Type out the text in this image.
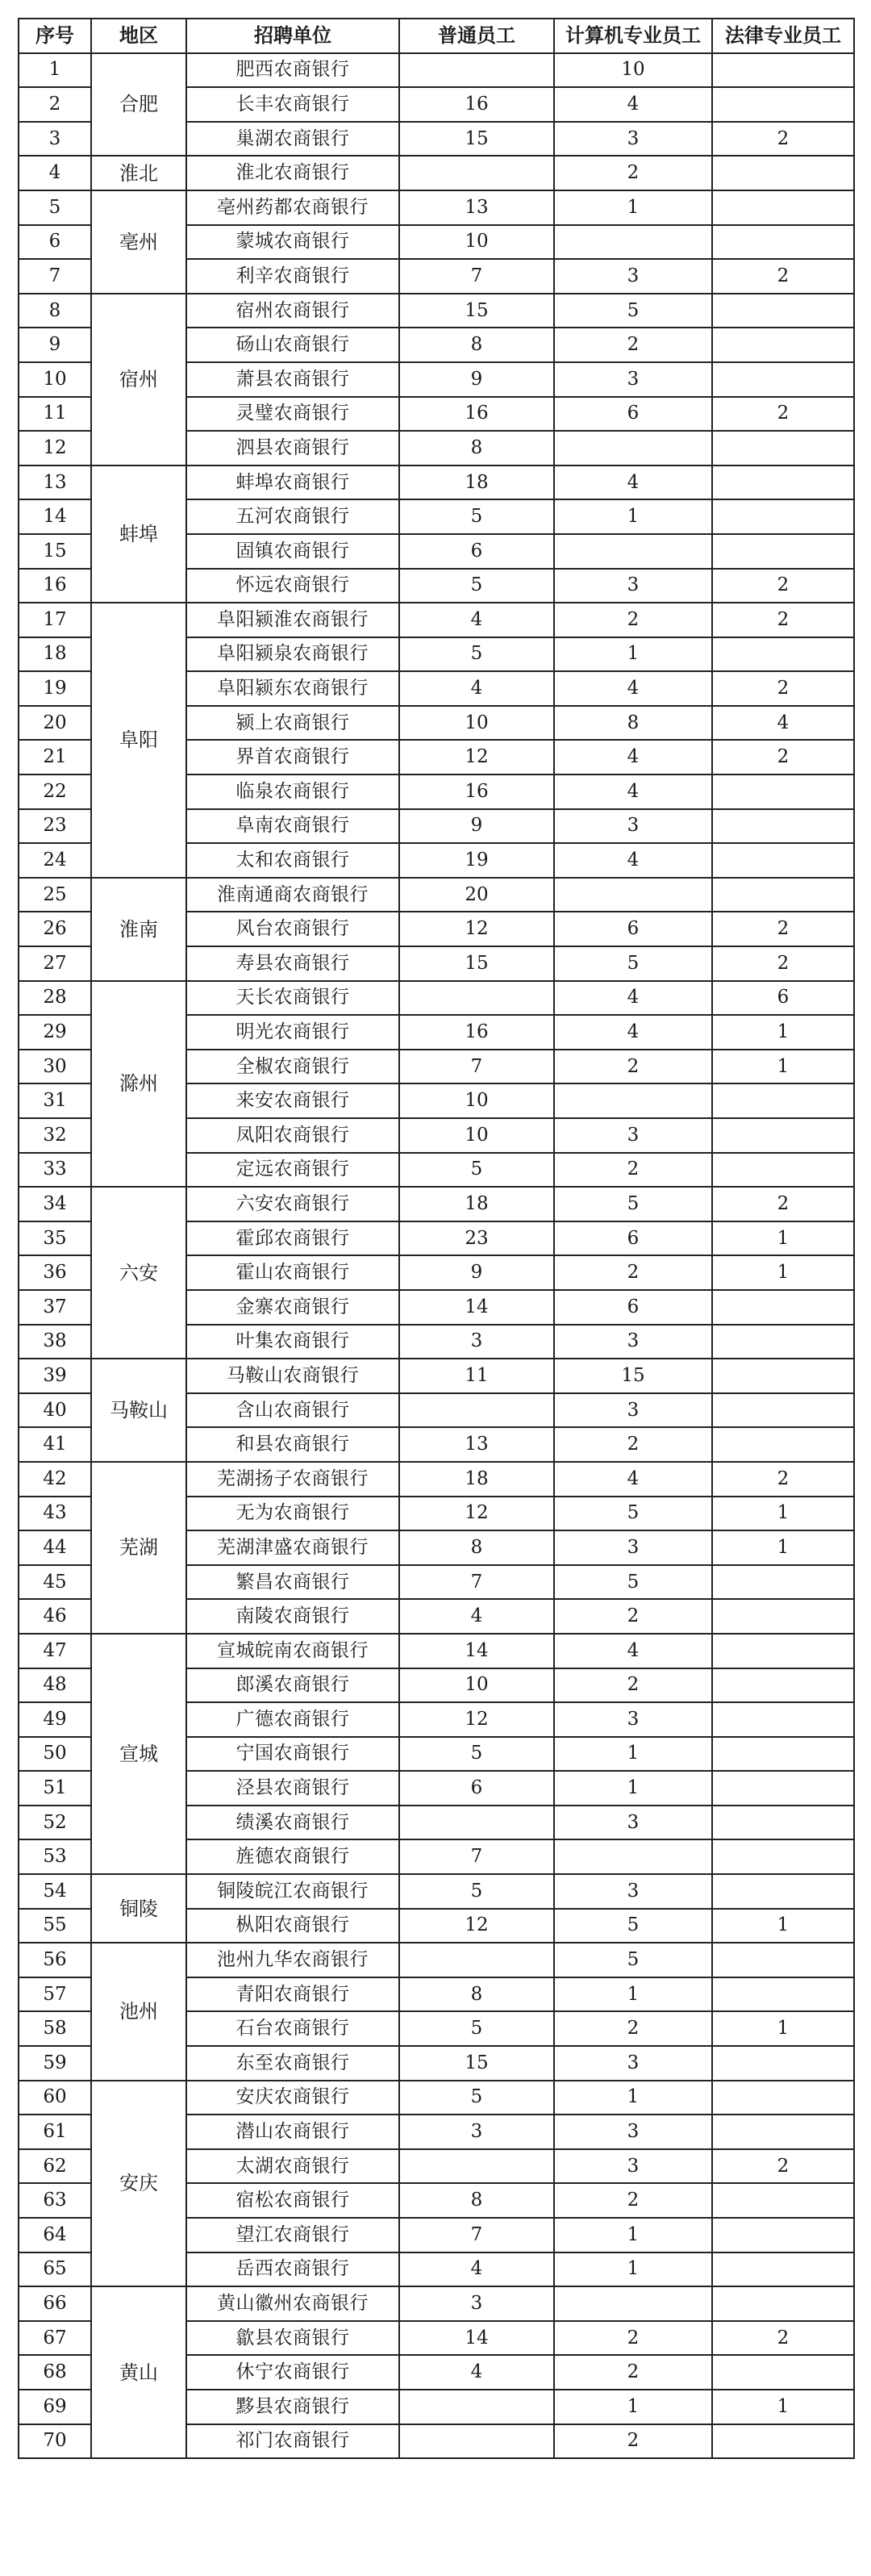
序号	地区	招聘单位	普通员工	计算机专业员工	法律专业员工
1	合肥	肥西农商银行		10	
2		长丰农商银行	16	4	
3		巢湖农商银行	15	3	2
4	淮北	淮北农商银行		2	
5	亳州	亳州药都农商银行	13	1	
6		蒙城农商银行	10		
7		利辛农商银行	7	3	2
8	宿州	宿州农商银行	15	5	
9		砀山农商银行	8	2	
10		萧县农商银行	9	3	
11		灵璧农商银行	16	6	2
12		泗县农商银行	8		
13	蚌埠	蚌埠农商银行	18	4	
14		五河农商银行	5	1	
15		固镇农商银行	6		
16		怀远农商银行	5	3	2
17	阜阳	阜阳颍淮农商银行	4	2	2
18		阜阳颍泉农商银行	5	1	
19		阜阳颍东农商银行	4	4	2
20		颍上农商银行	10	8	4
21		界首农商银行	12	4	2
22		临泉农商银行	16	4	
23		阜南农商银行	9	3	
24		太和农商银行	19	4	
25	淮南	淮南通商农商银行	20		
26		风台农商银行	12	6	2
27		寿县农商银行	15	5	2
28	滁州	天长农商银行		4	6
29		明光农商银行	16	4	1
30		全椒农商银行	7	2	1
31		来安农商银行	10		
32		凤阳农商银行	10	3	
33		定远农商银行	5	2	
34	六安	六安农商银行	18	5	2
35		霍邱农商银行	23	6	1
36		霍山农商银行	9	2	1
37		金寨农商银行	14	6	
38		叶集农商银行	3	3	
39	马鞍山	马鞍山农商银行	11	15	
40		含山农商银行		3	
41		和县农商银行	13	2	
42	芜湖	芜湖扬子农商银行	18	4	2
43		无为农商银行	12	5	1
44		芜湖津盛农商银行	8	3	1
45		繁昌农商银行	7	5	
46		南陵农商银行	4	2	
47	宣城	宣城皖南农商银行	14	4	
48		郎溪农商银行	10	2	
49		广德农商银行	12	3	
50		宁国农商银行	5	1	
51		泾县农商银行	6	1	
52		绩溪农商银行		3	
53		旌德农商银行	7		
54	铜陵	铜陵皖江农商银行	5	3	
55		枞阳农商银行	12	5	1
56	池州	池州九华农商银行		5	
57		青阳农商银行	8	1	
58		石台农商银行	5	2	1
59		东至农商银行	15	3	
60	安庆	安庆农商银行	5	1	
61		潜山农商银行	3	3	
62		太湖农商银行		3	2
63		宿松农商银行	8	2	
64		望江农商银行	7	1	
65		岳西农商银行	4	1	
66	黄山	黄山徽州农商银行	3		
67		歙县农商银行	14	2	2
68		休宁农商银行	4	2	
69		黟县农商银行		1	1
70		祁门农商银行		2	
